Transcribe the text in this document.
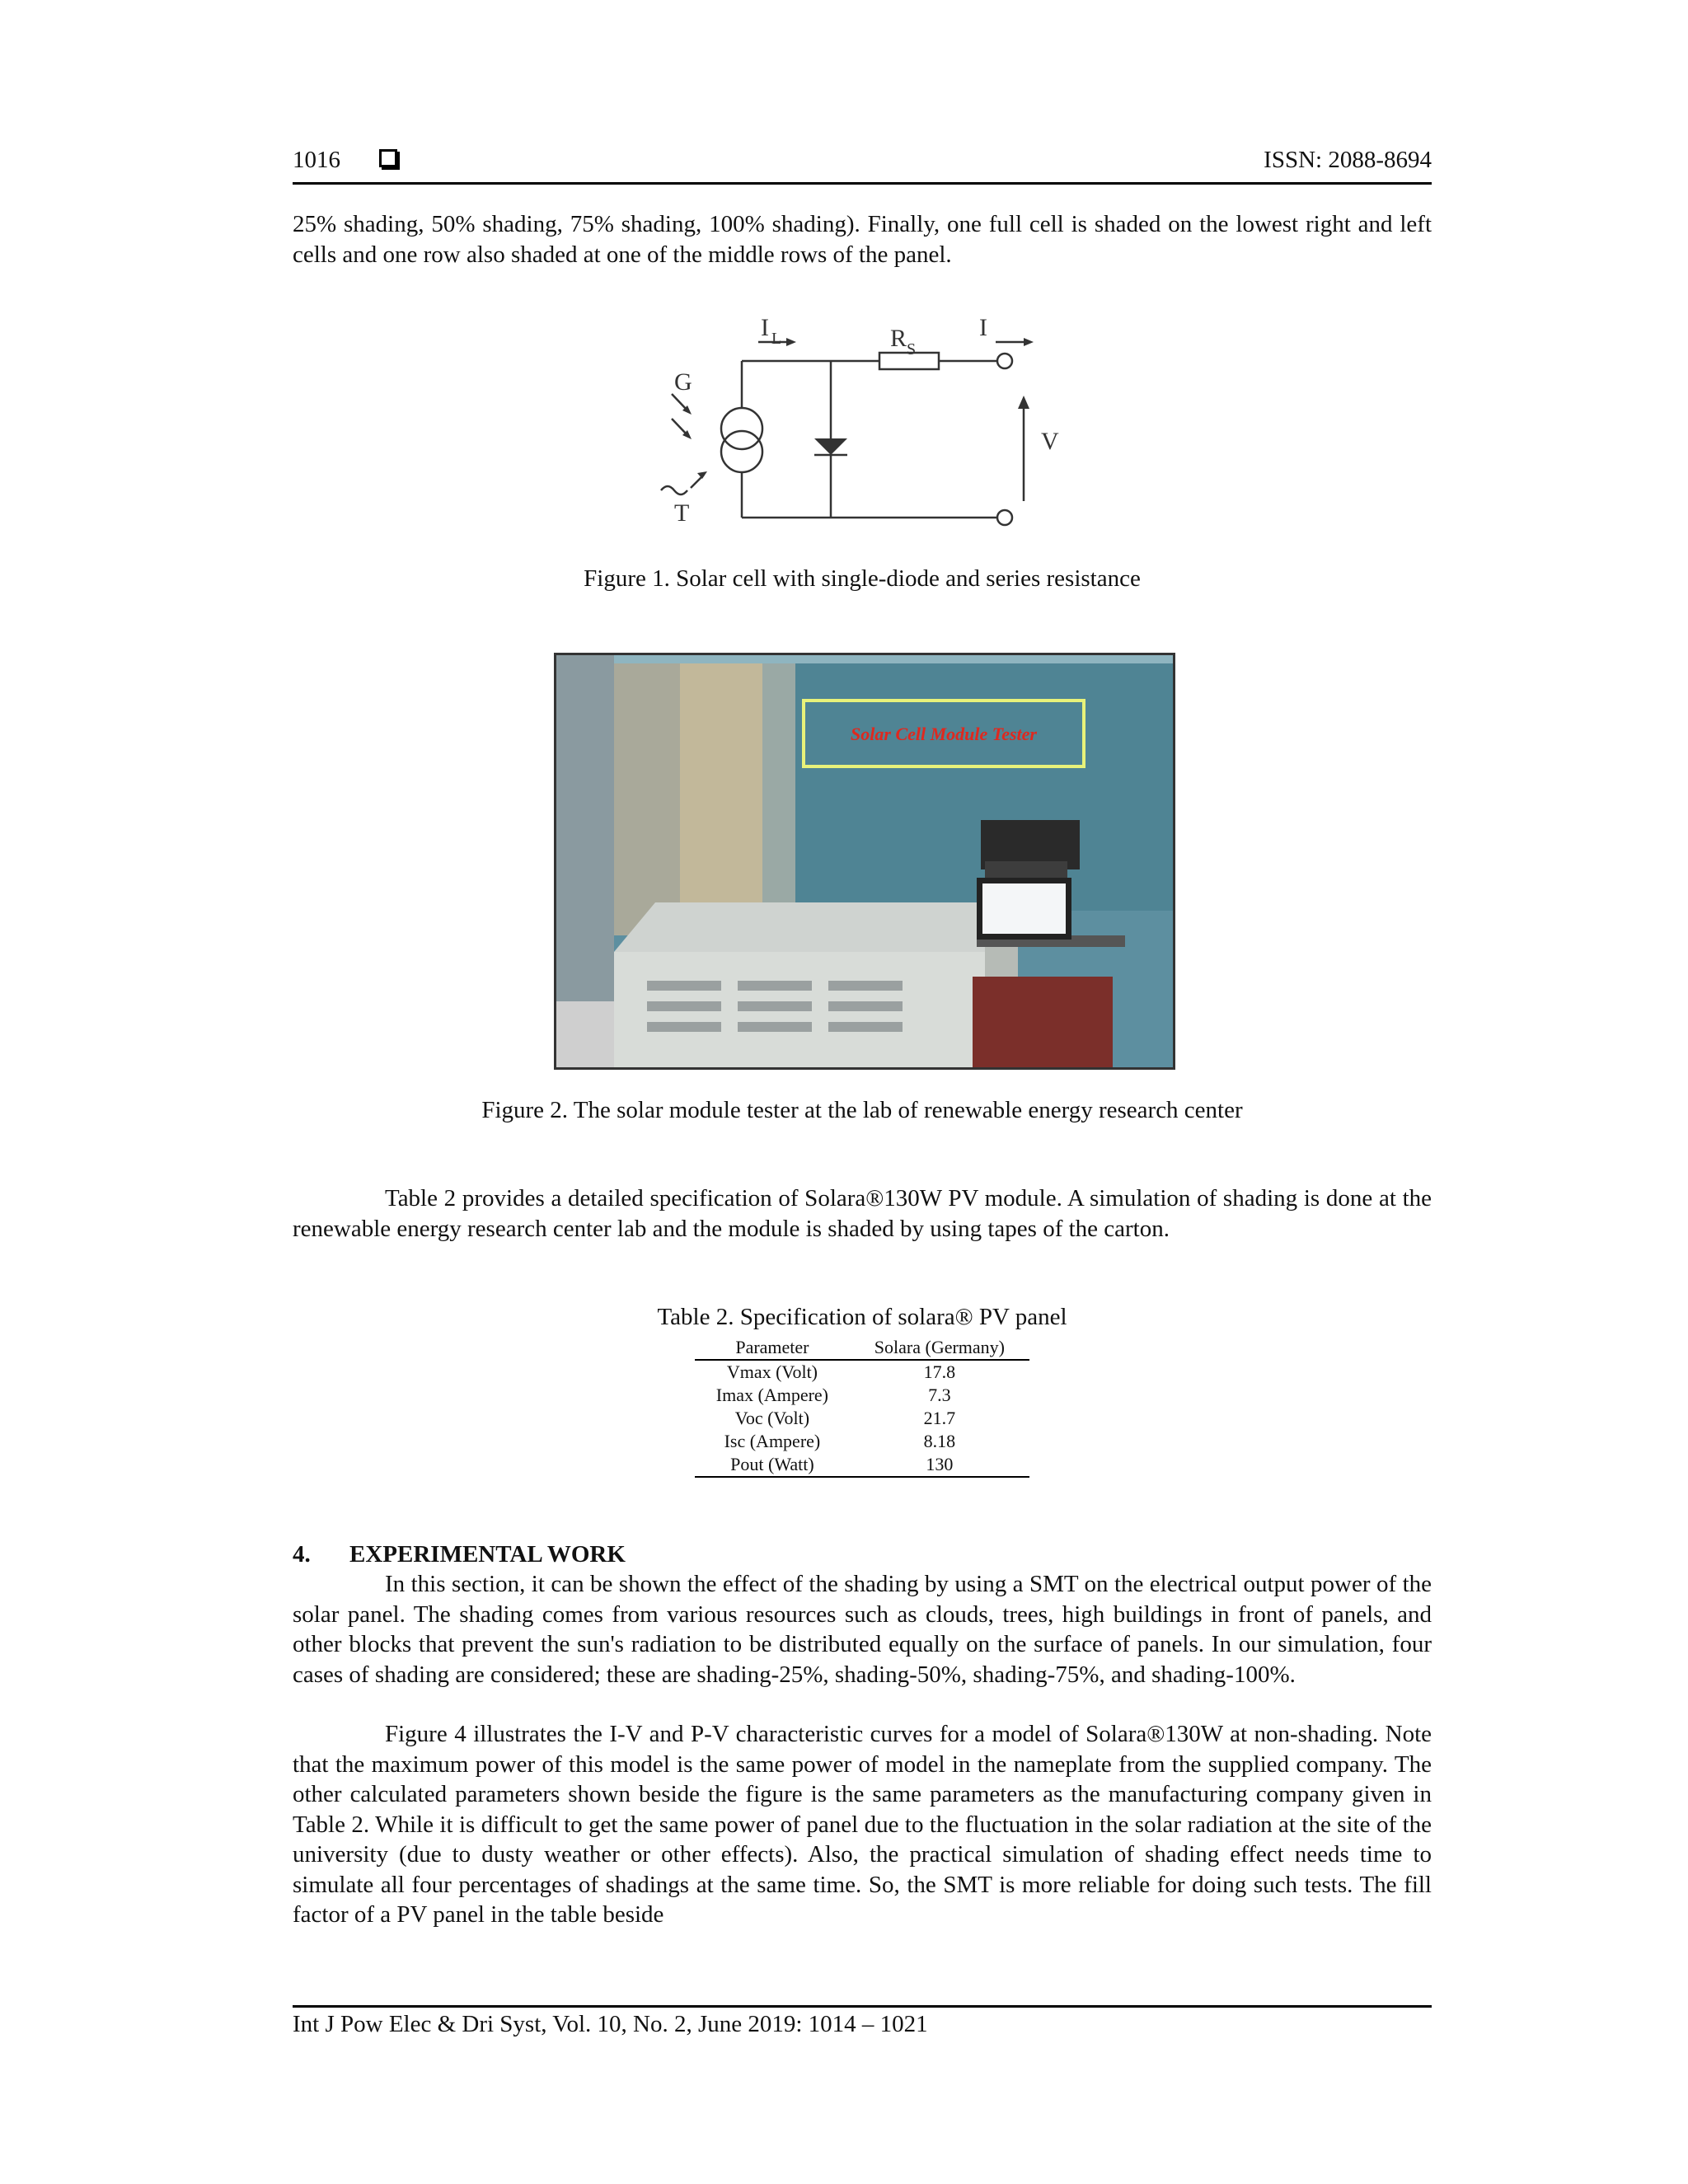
1016	ISSN: 2088-8694
25% shading, 50% shading, 75% shading, 100% shading). Finally, one full cell is shaded on the lowest right and left cells and one row also shaded at one of the middle rows of the panel.
I L	I
R S
G
T
V
Figure 1. Solar cell with single-diode and series resistance
Solar Cell Module Tester
Figure 2. The solar module tester at the lab of renewable energy research center
Table 2 provides a detailed specification of Solara®130W PV module. A simulation of shading is done at the renewable energy research center lab and the module is shaded by using tapes of the carton.
Table 2. Specification of solara® PV panel
Parameter	Solara (Germany)
Vmax (Volt)	17.8
Imax (Ampere)	7.3
Voc (Volt)	21.7
Isc (Ampere)	8.18
Pout (Watt)	130
4. EXPERIMENTAL WORK
In this section, it can be shown the effect of the shading by using a SMT on the electrical output power of the solar panel. The shading comes from various resources such as clouds, trees, high buildings in front of panels, and other blocks that prevent the sun's radiation to be distributed equally on the surface of panels. In our simulation, four cases of shading are considered; these are shading-25%, shading-50%, shading-75%, and shading-100%.
Figure 4 illustrates the I-V and P-V characteristic curves for a model of Solara®130W at non-shading. Note that the maximum power of this model is the same power of model in the nameplate from the supplied company. The other calculated parameters shown beside the figure is the same parameters as the manufacturing company given in Table 2. While it is difficult to get the same power of panel due to the fluctuation in the solar radiation at the site of the university (due to dusty weather or other effects). Also, the practical simulation of shading effect needs time to simulate all four percentages of shadings at the same time. So, the SMT is more reliable for doing such tests. The fill factor of a PV panel in the table beside
Int J Pow Elec & Dri Syst, Vol. 10, No. 2, June 2019: 1014 – 1021
